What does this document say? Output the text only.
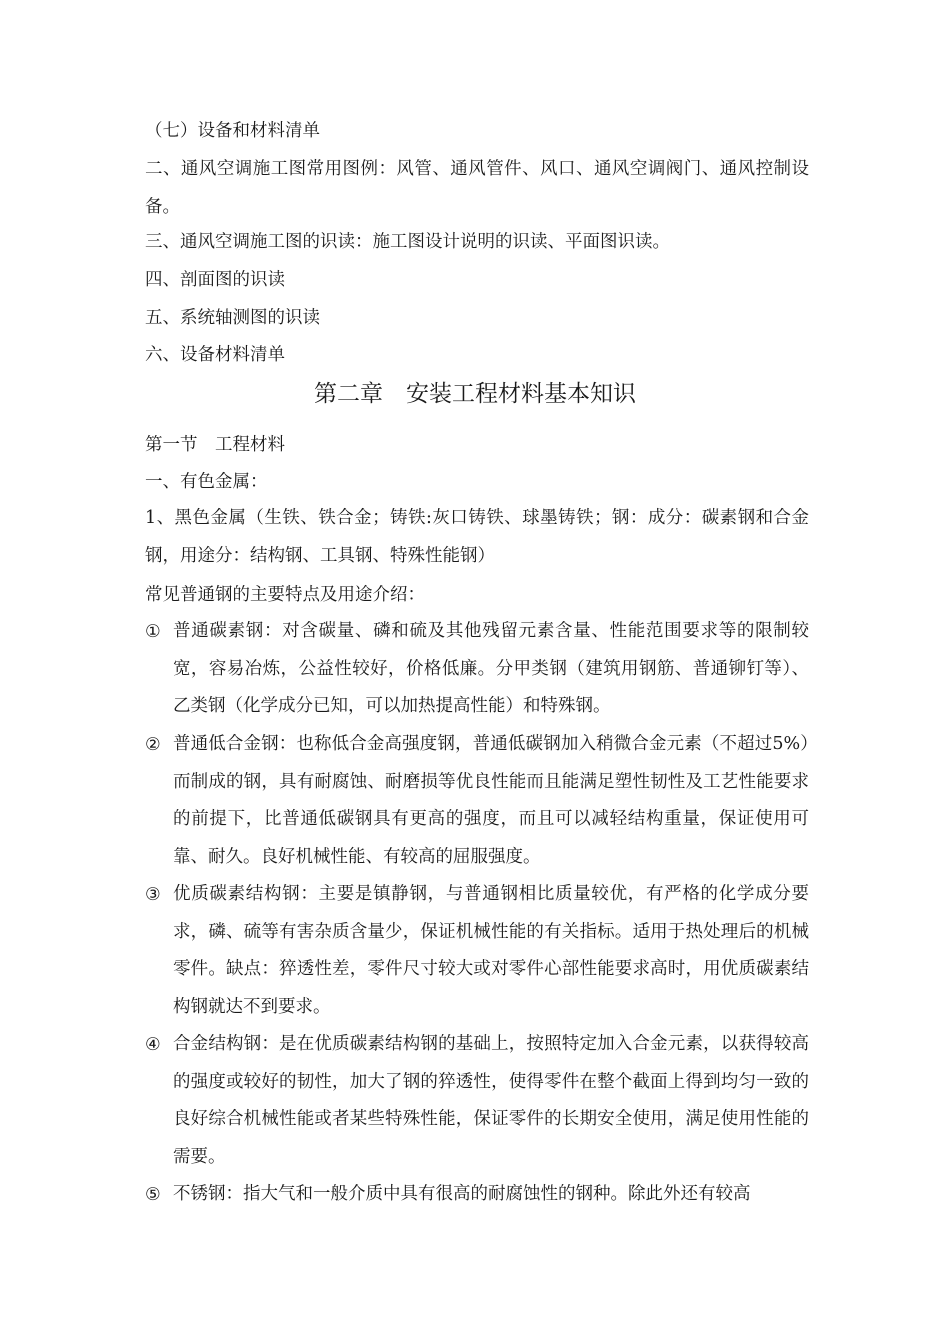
（七）设备和材料清单
二、通风空调施工图常用图例：风管、通风管件、风口、通风空调阀门、通风控制设备。
三、通风空调施工图的识读：施工图设计说明的识读、平面图识读。
四、剖面图的识读
五、系统轴测图的识读
六、设备材料清单
第二章　安装工程材料基本知识
第一节　工程材料
一、有色金属：
1、黑色金属（生铁、铁合金；铸铁:灰口铸铁、球墨铸铁；钢：成分：碳素钢和合金钢，用途分：结构钢、工具钢、特殊性能钢）
常见普通钢的主要特点及用途介绍：
① 普通碳素钢：对含碳量、磷和硫及其他残留元素含量、性能范围要求等的限制较宽，容易冶炼，公益性较好，价格低廉。分甲类钢（建筑用钢筋、普通铆钉等）、乙类钢（化学成分已知，可以加热提高性能）和特殊钢。
② 普通低合金钢：也称低合金高强度钢，普通低碳钢加入稍微合金元素（不超过5%）而制成的钢，具有耐腐蚀、耐磨损等优良性能而且能满足塑性韧性及工艺性能要求的前提下，比普通低碳钢具有更高的强度，而且可以减轻结构重量，保证使用可靠、耐久。良好机械性能、有较高的屈服强度。
③ 优质碳素结构钢：主要是镇静钢，与普通钢相比质量较优，有严格的化学成分要求，磷、硫等有害杂质含量少，保证机械性能的有关指标。适用于热处理后的机械零件。缺点：猝透性差，零件尺寸较大或对零件心部性能要求高时，用优质碳素结构钢就达不到要求。
④ 合金结构钢：是在优质碳素结构钢的基础上，按照特定加入合金元素，以获得较高的强度或较好的韧性，加大了钢的猝透性，使得零件在整个截面上得到均匀一致的良好综合机械性能或者某些特殊性能，保证零件的长期安全使用，满足使用性能的需要。
⑤ 不锈钢：指大气和一般介质中具有很高的耐腐蚀性的钢种。除此外还有较高
